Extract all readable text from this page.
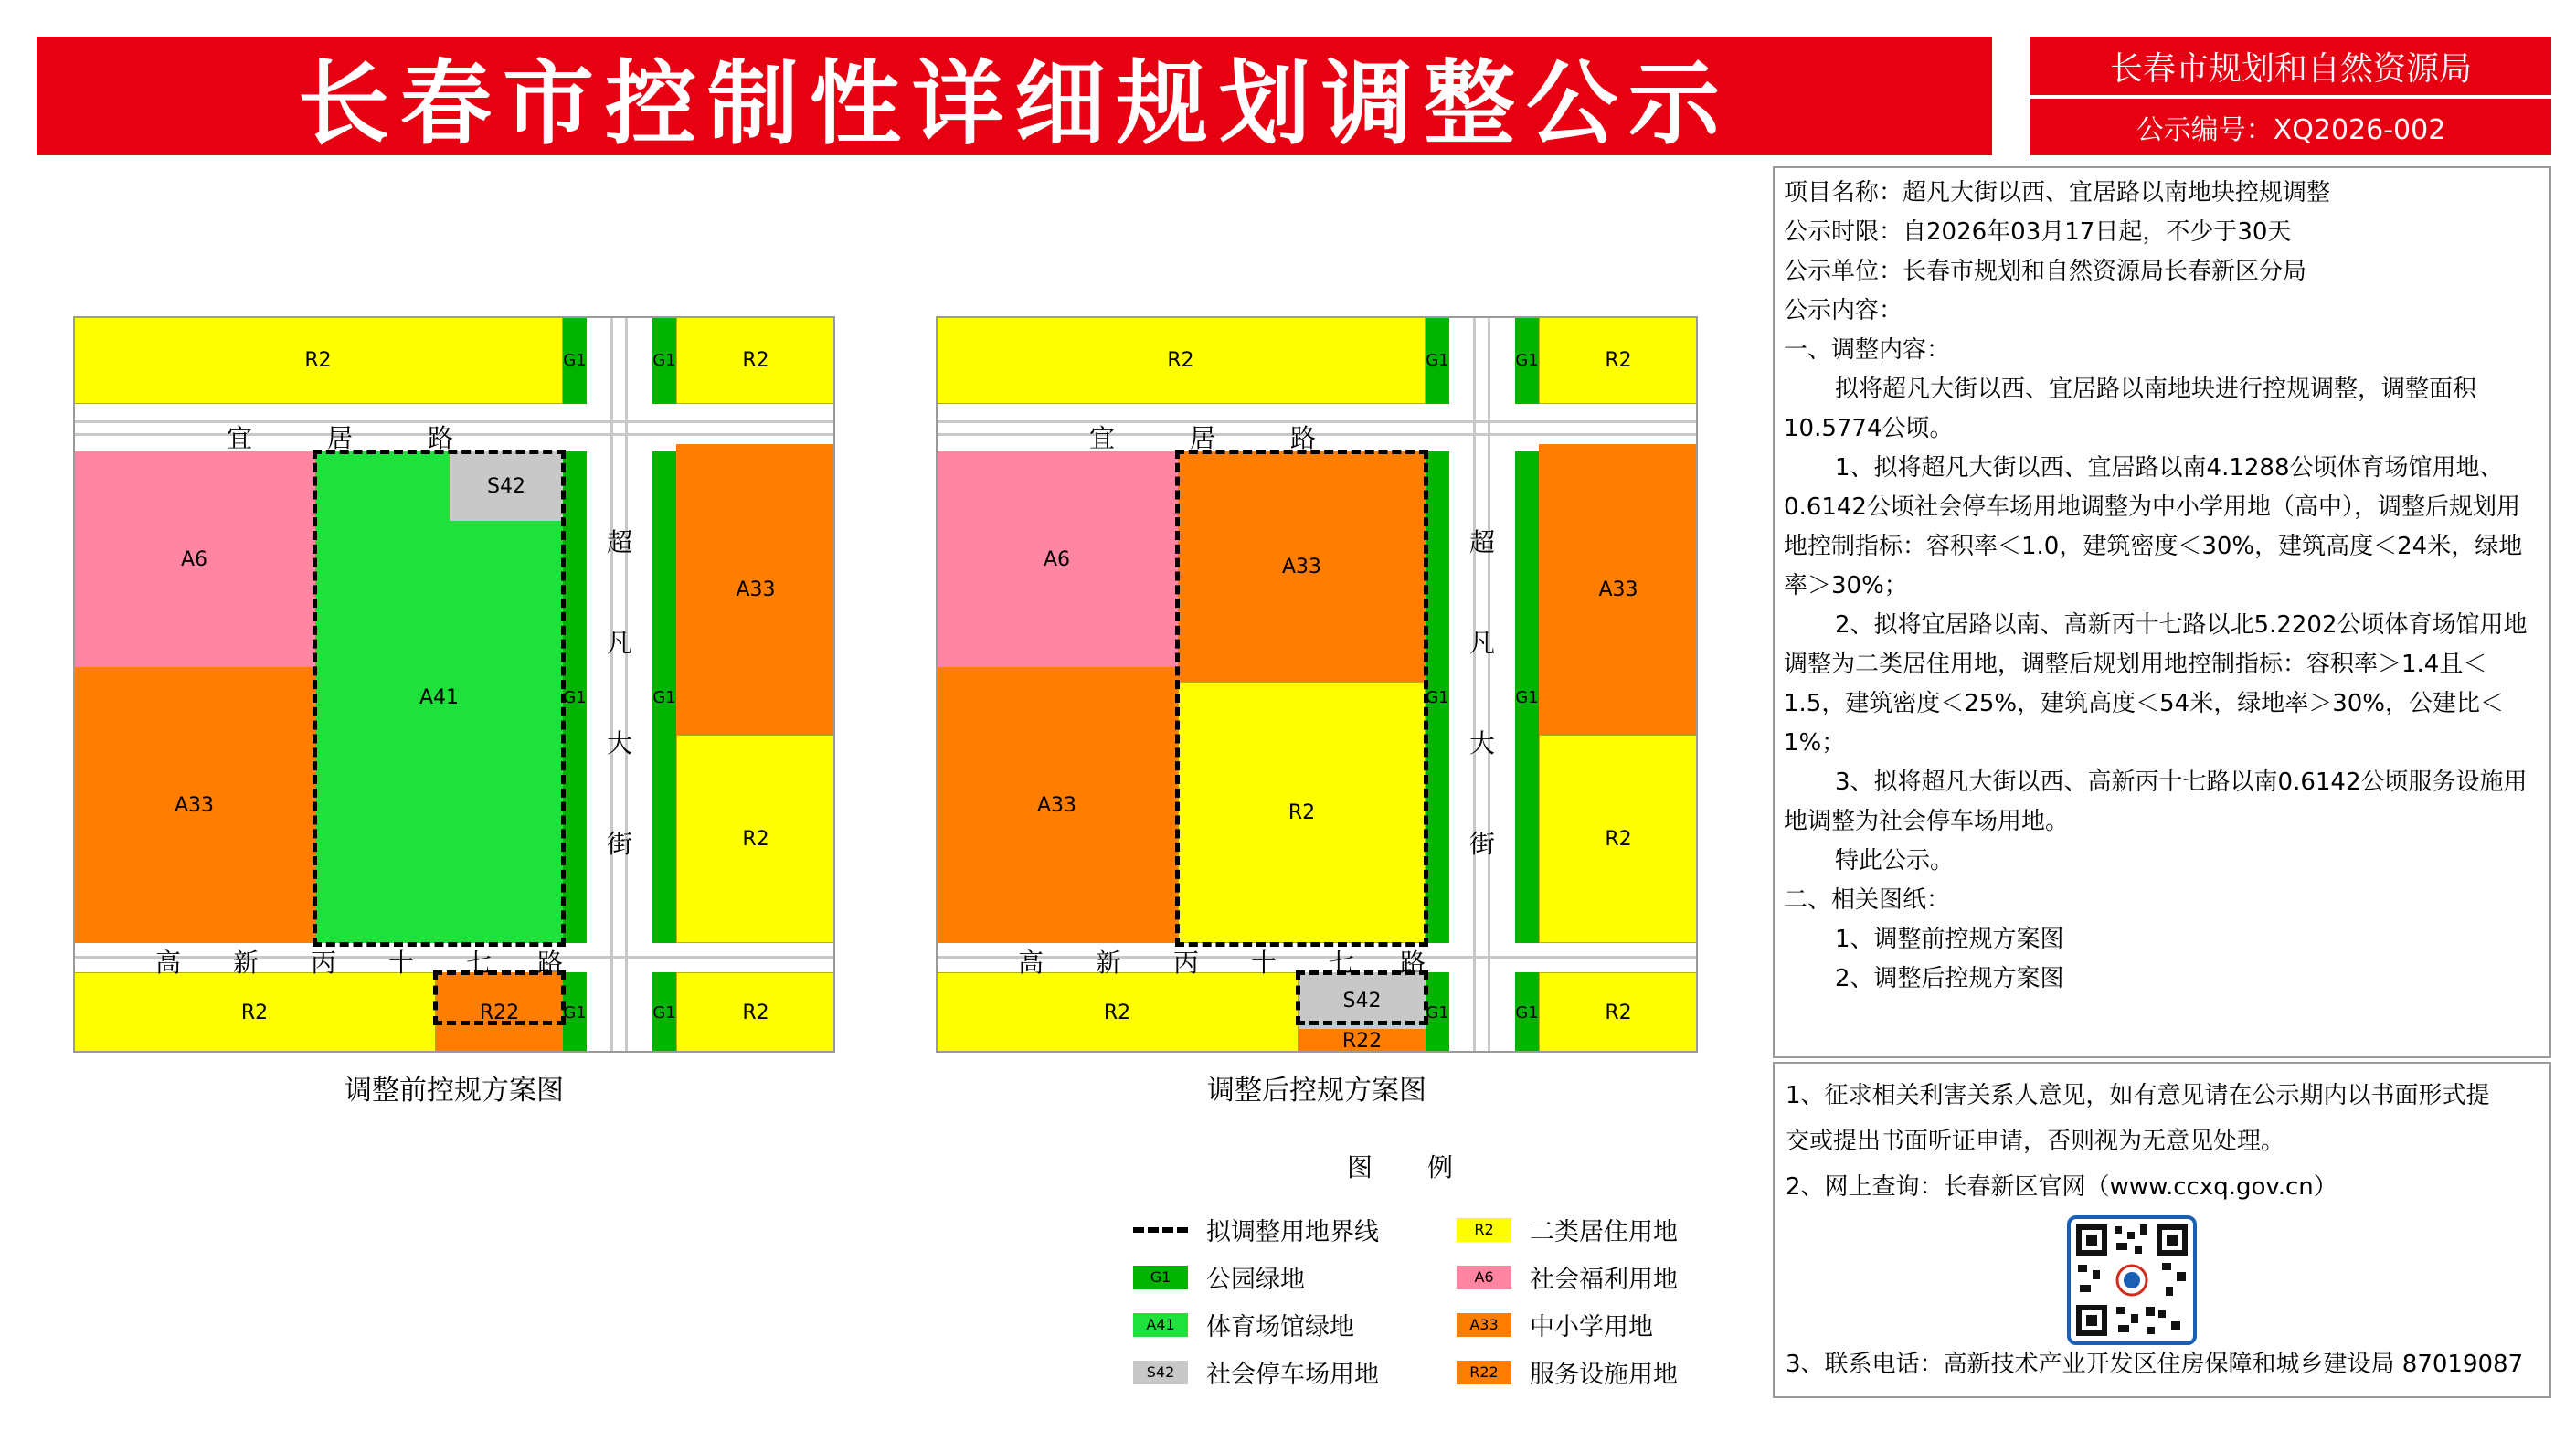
长春市控制性详细规划调整公示	长春市规划和自然资源局
公示编号：XQ2026-002
R2	G1	G1	R2
A6
A33
A41
S42
G1	G1
A33
R2
R2	R22	G1	G1	R2
宜	居	路
超
凡
大
街
高 新 丙 十 七 路
调整前控规方案图
R2	G1	G1	R2
A6
A33
A33
R2
G1	G1
A33
R2
R2
S42
R22
G1	G1	R2
宜	居	路
超
凡
大
街
高 新 丙 十 七 路
调整后控规方案图
图例
拟调整用地界线
G1	公园绿地
A41	体育场馆绿地
S42	社会停车场用地
R2	二类居住用地
A6	社会福利用地
A33	中小学用地
R22	服务设施用地
项目名称：超凡大街以西、宜居路以南地块控规调整
公示时限：自2026年03月17日起，不少于30天
公示单位：长春市规划和自然资源局长春新区分局
公示内容：
一、调整内容：
拟将超凡大街以西、宜居路以南地块进行控规调整，调整面积10.5774公顷。
1、拟将超凡大街以西、宜居路以南4.1288公顷体育场馆用地、0.6142公顷社会停车场用地调整为中小学用地（高中），调整后规划用地控制指标：容积率＜1.0，建筑密度＜30%，建筑高度＜24米，绿地率＞30%；
2、拟将宜居路以南、高新丙十七路以北5.2202公顷体育场馆用地调整为二类居住用地，调整后规划用地控制指标：容积率＞1.4且＜1.5，建筑密度＜25%，建筑高度＜54米，绿地率＞30%，公建比＜1%；
3、拟将超凡大街以西、高新丙十七路以南0.6142公顷服务设施用地调整为社会停车场用地。
特此公示。
二、相关图纸：
1、调整前控规方案图
2、调整后控规方案图
1、征求相关利害关系人意见，如有意见请在公示期内以书面形式提
交或提出书面听证申请，否则视为无意见处理。
2、网上查询：长春新区官网（www.ccxq.gov.cn）
3、联系电话：高新技术产业开发区住房保障和城乡建设局 87019087
